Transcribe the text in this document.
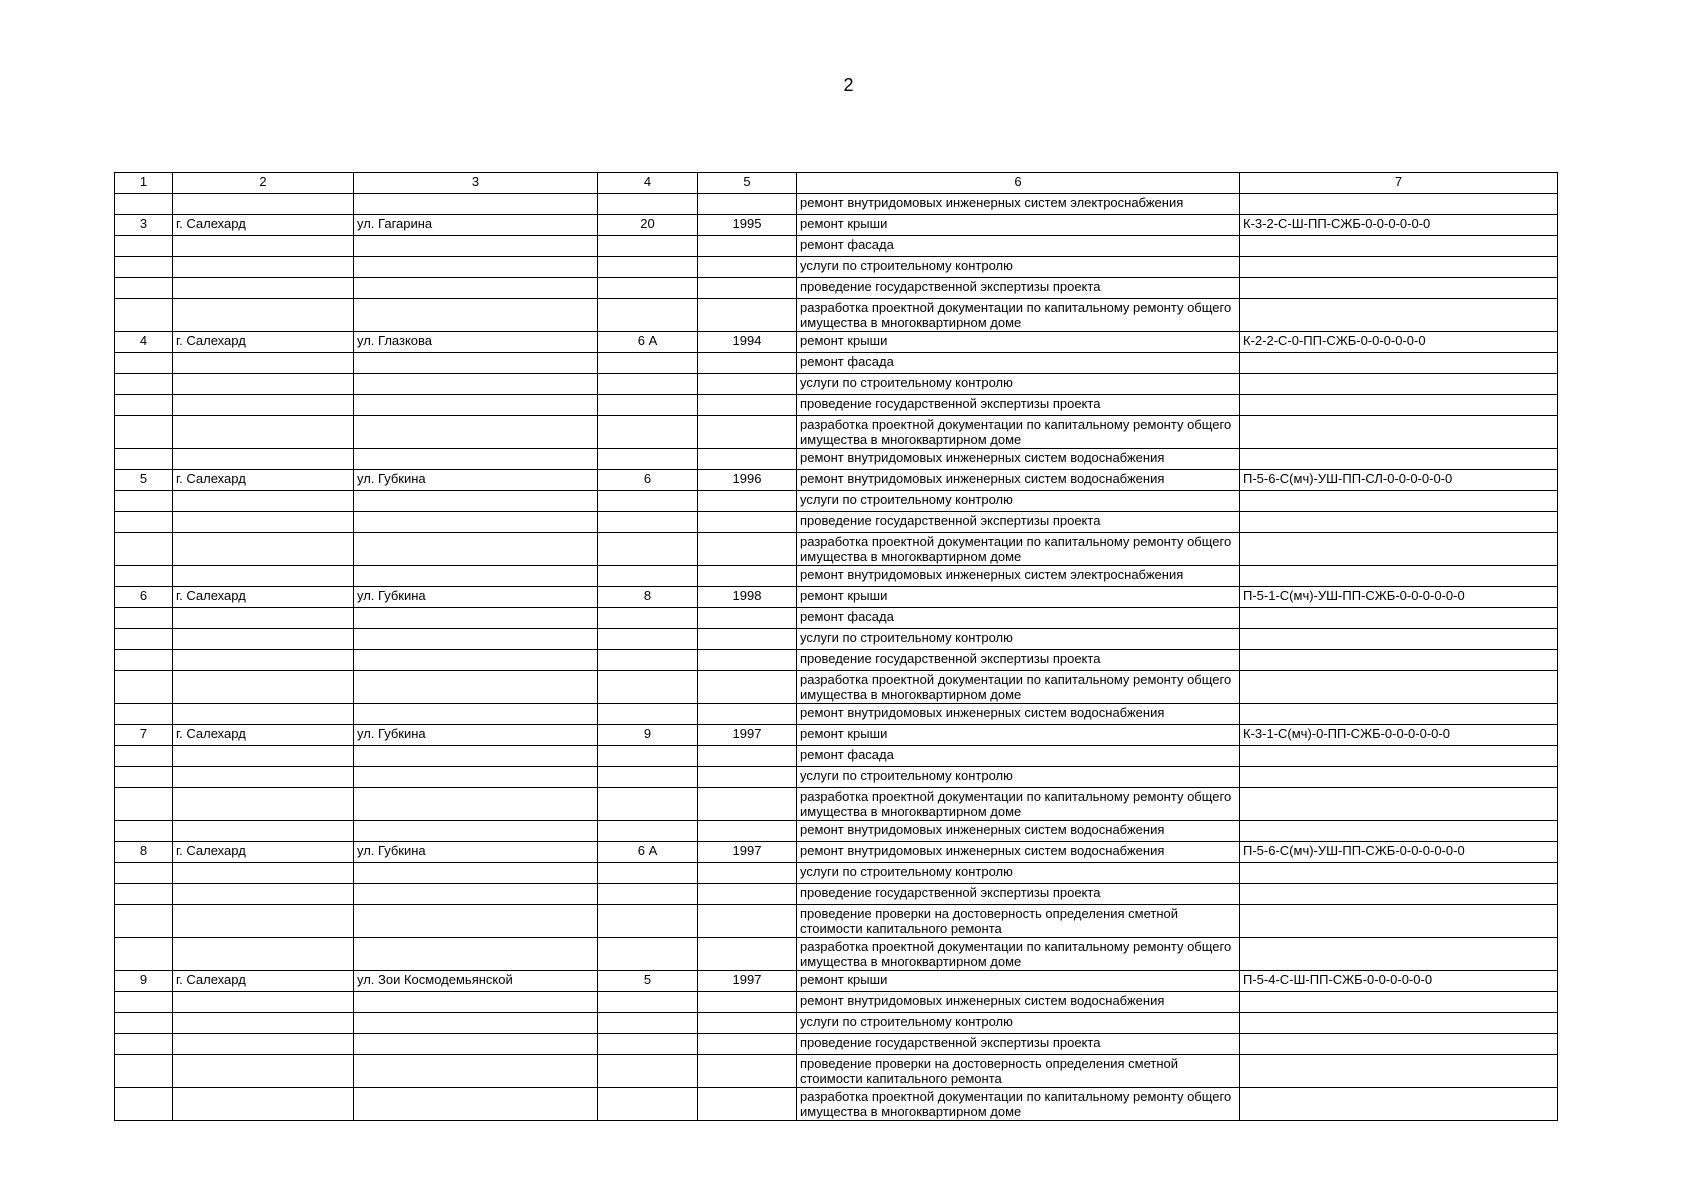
2
1	2	3	4	5	6	7
					ремонт внутридомовых инженерных систем электроснабжения	
3	г. Салехард	ул. Гагарина	20	1995	ремонт крыши	К-3-2-С-Ш-ПП-СЖБ-0-0-0-0-0-0
					ремонт фасада	
					услуги по строительному контролю	
					проведение государственной экспертизы проекта	
					разработка проектной документации по капитальному ремонту общего имущества в многоквартирном доме	
4	г. Салехард	ул. Глазкова	6 А	1994	ремонт крыши	К-2-2-С-0-ПП-СЖБ-0-0-0-0-0-0
					ремонт фасада	
					услуги по строительному контролю	
					проведение государственной экспертизы проекта	
					разработка проектной документации по капитальному ремонту общего имущества в многоквартирном доме	
					ремонт внутридомовых инженерных систем водоснабжения	
5	г. Салехард	ул. Губкина	6	1996	ремонт внутридомовых инженерных систем водоснабжения	П-5-6-С(мч)-УШ-ПП-СЛ-0-0-0-0-0-0
					услуги по строительному контролю	
					проведение государственной экспертизы проекта	
					разработка проектной документации по капитальному ремонту общего имущества в многоквартирном доме	
					ремонт внутридомовых инженерных систем электроснабжения	
6	г. Салехард	ул. Губкина	8	1998	ремонт крыши	П-5-1-С(мч)-УШ-ПП-СЖБ-0-0-0-0-0-0
					ремонт фасада	
					услуги по строительному контролю	
					проведение государственной экспертизы проекта	
					разработка проектной документации по капитальному ремонту общего имущества в многоквартирном доме	
					ремонт внутридомовых инженерных систем водоснабжения	
7	г. Салехард	ул. Губкина	9	1997	ремонт крыши	К-3-1-С(мч)-0-ПП-СЖБ-0-0-0-0-0-0
					ремонт фасада	
					услуги по строительному контролю	
					разработка проектной документации по капитальному ремонту общего имущества в многоквартирном доме	
					ремонт внутридомовых инженерных систем водоснабжения	
8	г. Салехард	ул. Губкина	6 А	1997	ремонт внутридомовых инженерных систем водоснабжения	П-5-6-С(мч)-УШ-ПП-СЖБ-0-0-0-0-0-0
					услуги по строительному контролю	
					проведение государственной экспертизы проекта	
					проведение проверки на достоверность определения сметной стоимости капитального ремонта	
					разработка проектной документации по капитальному ремонту общего имущества в многоквартирном доме	
9	г. Салехард	ул. Зои Космодемьянской	5	1997	ремонт крыши	П-5-4-С-Ш-ПП-СЖБ-0-0-0-0-0-0
					ремонт внутридомовых инженерных систем водоснабжения	
					услуги по строительному контролю	
					проведение государственной экспертизы проекта	
					проведение проверки на достоверность определения сметной стоимости капитального ремонта	
					разработка проектной документации по капитальному ремонту общего имущества в многоквартирном доме	
